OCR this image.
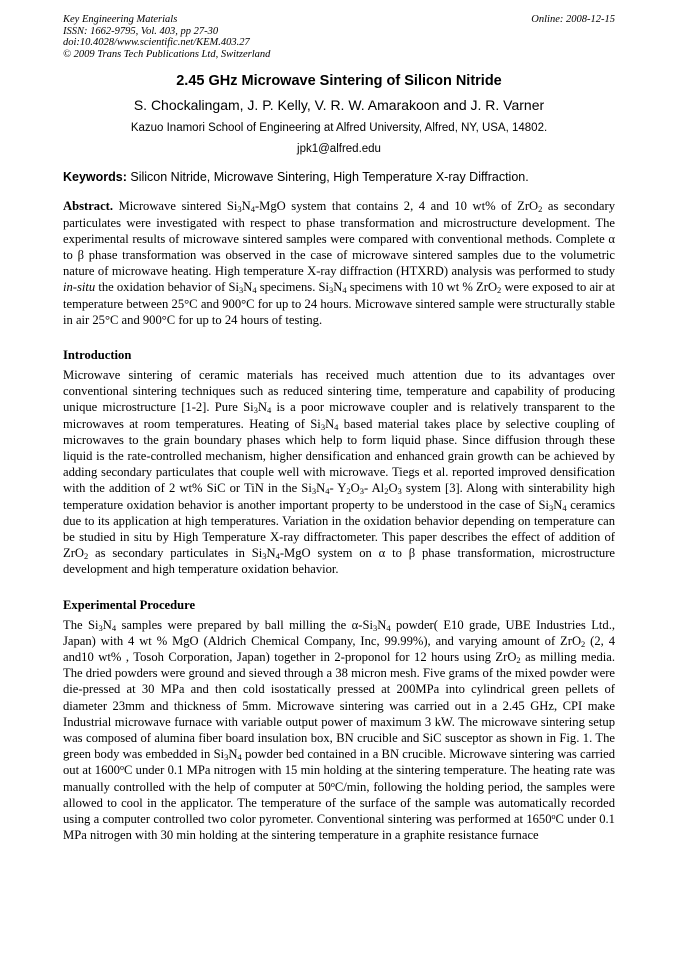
Key Engineering Materials
ISSN: 1662-9795, Vol. 403, pp 27-30
doi:10.4028/www.scientific.net/KEM.403.27
© 2009 Trans Tech Publications Ltd, Switzerland
Online: 2008-12-15
2.45 GHz Microwave Sintering of Silicon Nitride
S. Chockalingam, J. P. Kelly, V. R. W. Amarakoon and J. R. Varner
Kazuo Inamori School of Engineering at Alfred University, Alfred, NY, USA, 14802.
jpk1@alfred.edu
Keywords: Silicon Nitride, Microwave Sintering, High Temperature X-ray Diffraction.

Abstract. Microwave sintered $Si_3N_4$-MgO system that contains 2, 4 and 10 wt% of ZrO$_2$ as secondary particulates were investigated with respect to phase transformation and microstructure development. The experimental results of microwave sintered samples were compared with conventional methods. Complete α to β phase transformation was observed in the case of microwave sintered samples due to the volumetric nature of microwave heating. High temperature X-ray diffraction (HTXRD) analysis was performed to study in-situ the oxidation behavior of $Si_3N_4$ specimens. $Si_3N_4$ specimens with 10 wt % ZrO$_2$ were exposed to air at temperature between 25°C and 900°C for up to 24 hours. Microwave sintered sample were structurally stable in air 25°C and 900°C for up to 24 hours of testing.

Introduction

Microwave sintering of ceramic materials has received much attention due to its advantages over conventional sintering techniques such as reduced sintering time, temperature and capability of producing unique microstructure [1-2]. Pure $Si_3N_4$ is a poor microwave coupler and is relatively transparent to the microwaves at room temperatures. Heating of $Si_3N_4$ based material takes place by selective coupling of microwaves to the grain boundary phases which help to form liquid phase. Since diffusion through these liquid is the rate-controlled mechanism, higher densification and enhanced grain growth can be achieved by adding secondary particulates that couple well with microwave. Tiegs et al. reported improved densification with the addition of 2 wt% SiC or TiN in the $Si_3N_4-$ $Y_2O_3-$ $Al_2O_3$ system [3]. Along with sinterability high temperature oxidation behavior is another important property to be understood in the case of $Si_3N_4$ ceramics due to its application at high temperatures. Variation in the oxidation behavior depending on temperature can be studied in situ by High Temperature X-ray diffractometer. This paper describes the effect of addition of ZrO$_2$ as secondary particulates in $Si_3N_4$-MgO system on α to β phase transformation, microstructure development and high temperature oxidation behavior.

Experimental Procedure

The $Si_3N_4$ samples were prepared by ball milling the $\alpha-Si_3N_4$ powder( E10 grade, UBE Industries Ltd., Japan) with 4 wt % MgO (Aldrich Chemical Company, Inc, 99.99%), and varying amount of ZrO$_2$ (2, 4 and10 wt% , Tosoh Corporation, Japan) together in 2-proponol for 12 hours using ZrO$_2$ as milling media. The dried powders were ground and sieved through a 38 micron mesh. Five grams of the mixed powder were die-pressed at 30 MPa and then cold isostatically pressed at 200MPa into cylindrical green pellets of diameter 23mm and thickness of 5mm. Microwave sintering was carried out in a 2.45 GHz, CPI make Industrial microwave furnace with variable output power of maximum 3 kW. The microwave sintering setup was composed of alumina fiber board insulation box, BN crucible and SiC susceptor as shown in Fig. 1. The green body was embedded in $Si_3N_4$ powder bed contained in a BN crucible. Microwave sintering was carried out at 1600$^o$C under 0.1 MPa nitrogen with 15 min holding at the sintering temperature. The heating rate was manually controlled with the help of computer at 50$^o$C/min, following the holding period, the samples were allowed to cool in the applicator. The temperature of the surface of the sample was automatically recorded using a computer controlled two color pyrometer. Conventional sintering was performed at 1650$^o$C under 0.1 MPa nitrogen with 30 min holding at the sintering temperature in a graphite resistance furnace
